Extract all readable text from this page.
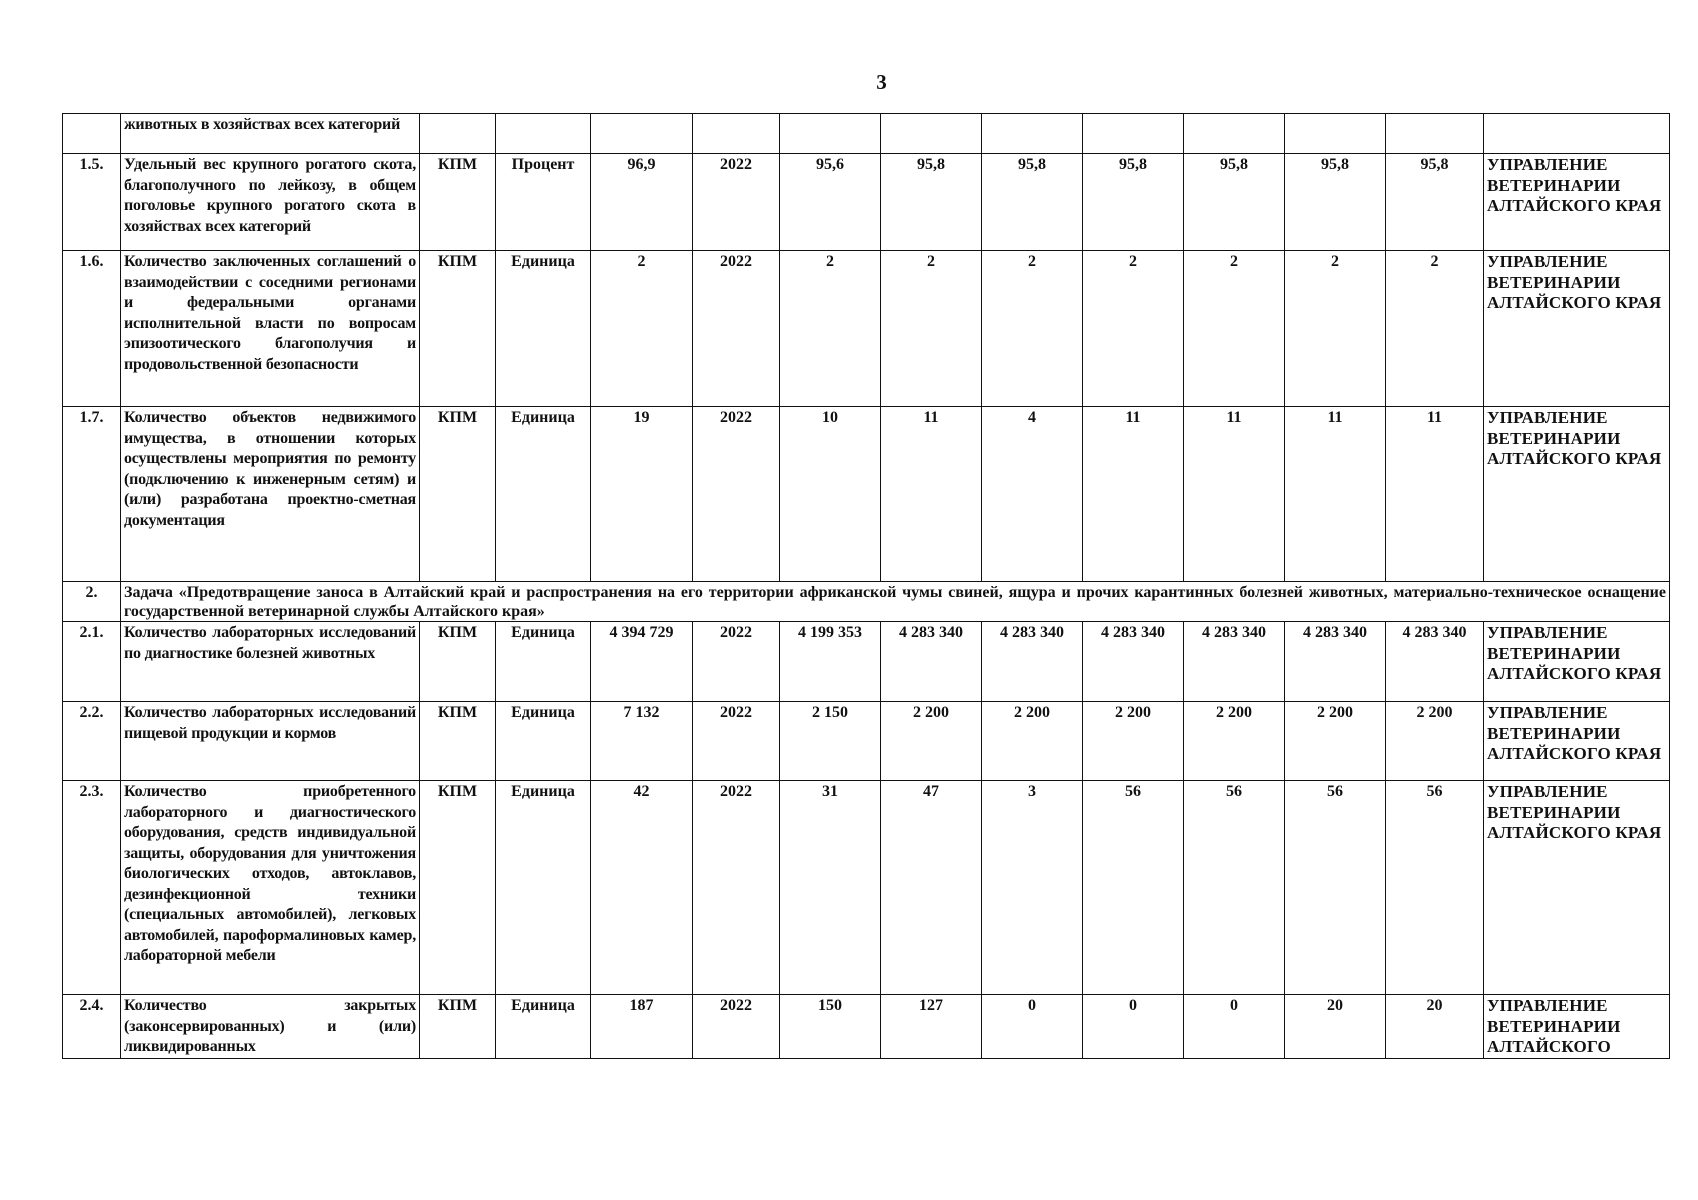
3
	животных в хозяйствах всех категорий												
1.5.	Удельный вес крупного рогатого скота, благополучного по лейкозу, в общем поголовье крупного рогатого скота в хозяйствах всех категорий	КПМ	Процент	96,9	2022	95,6	95,8	95,8	95,8	95,8	95,8	95,8	УПРАВЛЕНИЕ ВЕТЕРИНАРИИ АЛТАЙСКОГО КРАЯ
1.6.	Количество заключенных соглашений о взаимодействии с соседними регионами и федеральными органами исполнительной власти по вопросам эпизоотического благополучия и продовольственной безопасности	КПМ	Единица	2	2022	2	2	2	2	2	2	2	УПРАВЛЕНИЕ ВЕТЕРИНАРИИ АЛТАЙСКОГО КРАЯ
1.7.	Количество объектов недвижимого имущества, в отношении которых осуществлены мероприятия по ремонту (подключению к инженерным сетям) и (или) разработана проектно-сметная документация	КПМ	Единица	19	2022	10	11	4	11	11	11	11	УПРАВЛЕНИЕ ВЕТЕРИНАРИИ АЛТАЙСКОГО КРАЯ
2.	Задача «Предотвращение заноса в Алтайский край и распространения на его территории африканской чумы свиней, ящура и прочих карантинных болезней животных, материально-техническое оснащение государственной ветеринарной службы Алтайского края»												
2.1.	Количество лабораторных исследований по диагностике болезней животных	КПМ	Единица	4 394 729	2022	4 199 353	4 283 340	4 283 340	4 283 340	4 283 340	4 283 340	4 283 340	УПРАВЛЕНИЕ ВЕТЕРИНАРИИ АЛТАЙСКОГО КРАЯ
2.2.	Количество лабораторных исследований пищевой продукции и кормов	КПМ	Единица	7 132	2022	2 150	2 200	2 200	2 200	2 200	2 200	2 200	УПРАВЛЕНИЕ ВЕТЕРИНАРИИ АЛТАЙСКОГО КРАЯ
2.3.	Количество приобретенного лабораторного и диагностического оборудования, средств индивидуальной защиты, оборудования для уничтожения биологических отходов, автоклавов, дезинфекционной техники (специальных автомобилей), легковых автомобилей, пароформалиновых камер, лабораторной мебели	КПМ	Единица	42	2022	31	47	3	56	56	56	56	УПРАВЛЕНИЕ ВЕТЕРИНАРИИ АЛТАЙСКОГО КРАЯ
2.4.	Количество закрытых (законсервированных) и (или) ликвидированных	КПМ	Единица	187	2022	150	127	0	0	0	20	20	УПРАВЛЕНИЕ ВЕТЕРИНАРИИ АЛТАЙСКОГО
